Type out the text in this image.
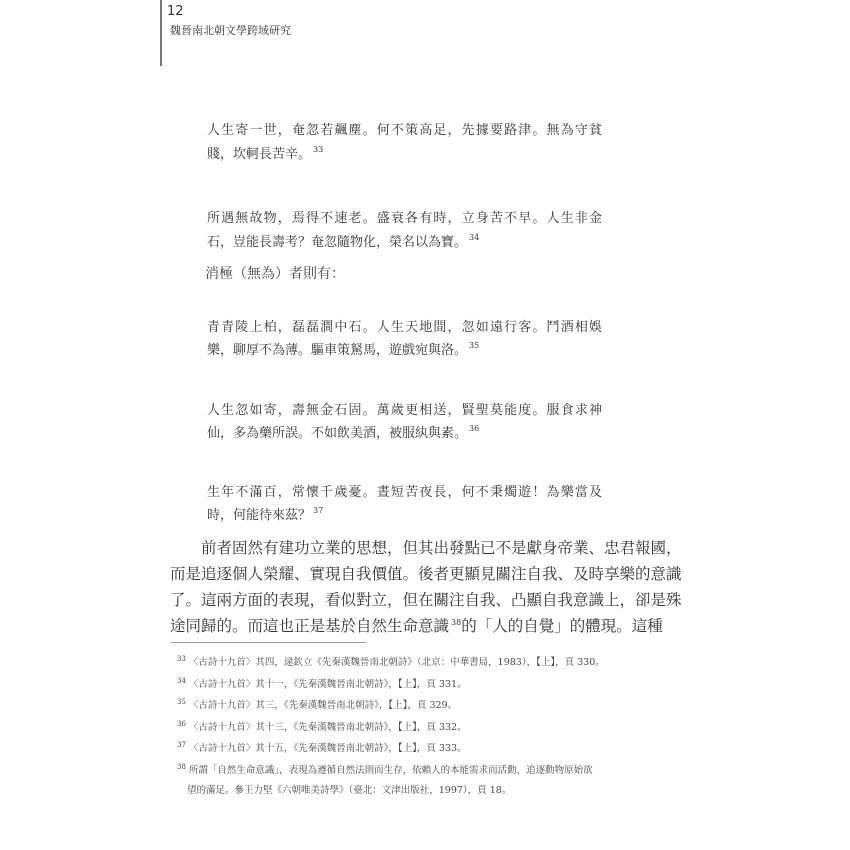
12
魏晉南北朝文學跨域研究
人生寄一世，奄忽若飆塵。何不策高足，先據要路津。無為守貧
賤，坎軻長苦辛。 $^{33}$
所遇無故物，焉得不速老。盛衰各有時，立身苦不早。人生非金
石，豈能長壽考？奄忽隨物化，榮名以為寶。 $^{34}$
消極（無為）者則有：
青青陵上柏，磊磊澗中石。人生天地間，忽如遠行客。鬥酒相娛
樂，聊厚不為薄。驅車策駑馬，遊戲宛與洛。 $^{35}$
人生忽如寄，壽無金石固。萬歲更相送，賢聖莫能度。服食求神
仙，多為藥所誤。不如飲美酒，被服紈與素。 $^{36}$
生年不滿百，常懷千歲憂。晝短苦夜長，何不秉燭遊！為樂當及
時，何能待來茲？ $^{37}$
前者固然有建功立業的思想，但其出發點已不是獻身帝業、忠君報國，
而是追逐個人榮耀、實現自我價值。後者更顯見關注自我、及時享樂的意識
了。這兩方面的表現，看似對立，但在關注自我、凸顯自我意識上，卻是殊
途同歸的。而這也正是基於自然生命意識 $^{38}$的「人的自覺」的體現。這種
$^{33}$ 〈古詩十九首〉其四，逯欽立《先秦漢魏晉南北朝詩》（北京：中華書局，1983），【上】，頁 330。
$^{34}$ 〈古詩十九首〉其十一，《先秦漢魏晉南北朝詩》，【上】，頁 331。
$^{35}$ 〈古詩十九首〉其三，《先秦漢魏晉南北朝詩》，【上】，頁 329。
$^{36}$ 〈古詩十九首〉其十三，《先秦漢魏晉南北朝詩》，【上】，頁 332。
$^{37}$ 〈古詩十九首〉其十五，《先秦漢魏晉南北朝詩》，【上】，頁 333。
$^{38}$ 所謂「自然生命意識」，表現為遵循自然法則而生存，依賴人的本能需求而活動，追逐動物原始欲
望的滿足。參王力堅《六朝唯美詩學》（臺北：文津出版社，1997），頁 18。
